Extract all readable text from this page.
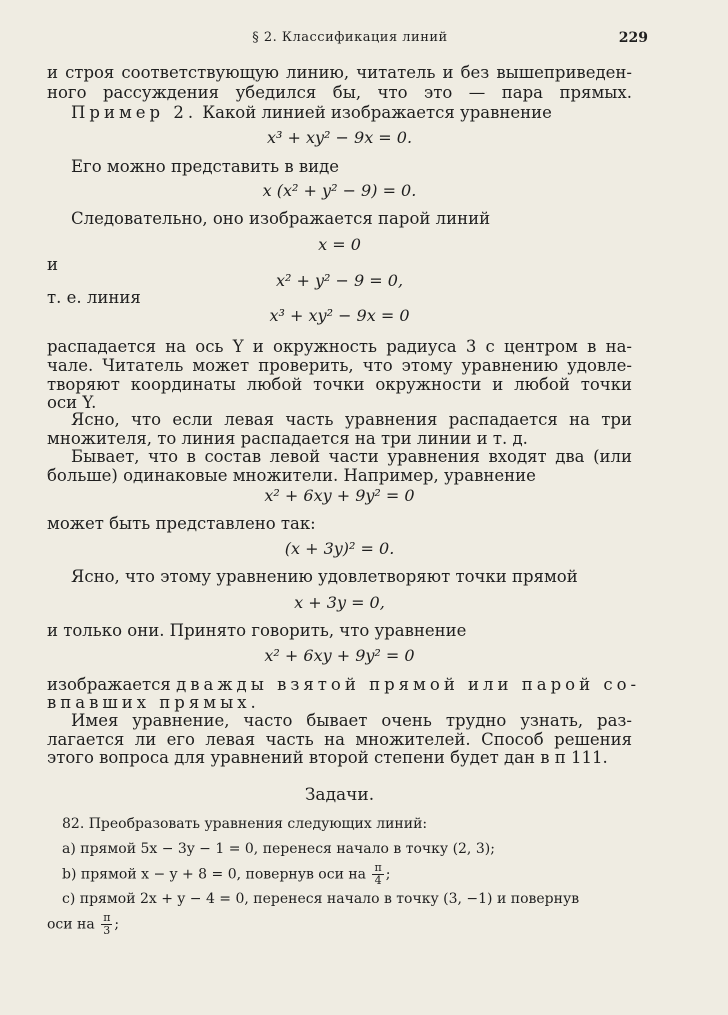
§ 2. Классификация линий	229
и строя соответствующую линию, читатель и без вышеприведен-
ного рассуждения убедился бы, что это — пара прямых.
Пример 2. Какой линией изображается уравнение
x³ + xy² − 9x = 0.
Его можно представить в виде
x (x² + y² − 9) = 0.
Следовательно, оно изображается парой линий
x = 0
и
x² + y² − 9 = 0,
т. е. линия
x³ + xy² − 9x = 0
распадается на ось Y и окружность радиуса 3 с центром в на-
чале. Читатель может проверить, что этому уравнению удовле-
творяют координаты любой точки окружности и любой точки
оси Y.
Ясно, что если левая часть уравнения распадается на три
множителя, то линия распадается на три линии и т. д.
Бывает, что в состав левой части уравнения входят два (или
больше) одинаковые множители. Например, уравнение
x² + 6xy + 9y² = 0
может быть представлено так:
(x + 3y)² = 0.
Ясно, что этому уравнению удовлетворяют точки прямой
x + 3y = 0,
и только они. Принято говорить, что уравнение
x² + 6xy + 9y² = 0
изображается дважды взятой прямой или парой со-
впавших прямых.
Имея уравнение, часто бывает очень трудно узнать, раз-
лагается ли его левая часть на множителей. Способ решения
этого вопроса для уравнений второй степени будет дан в п 111.
Задачи.
82. Преобразовать уравнения следующих линий:
a) прямой 5x − 3y − 1 = 0, перенеся начало в точку (2, 3);
b) прямой x − y + 8 = 0, повернув оси на $\frac{\pi}{4}$ ;
c) прямой 2x + y − 4 = 0, перенеся начало в точку (3, −1) и повернув
оси на $\frac{\pi}{3}$ ;
